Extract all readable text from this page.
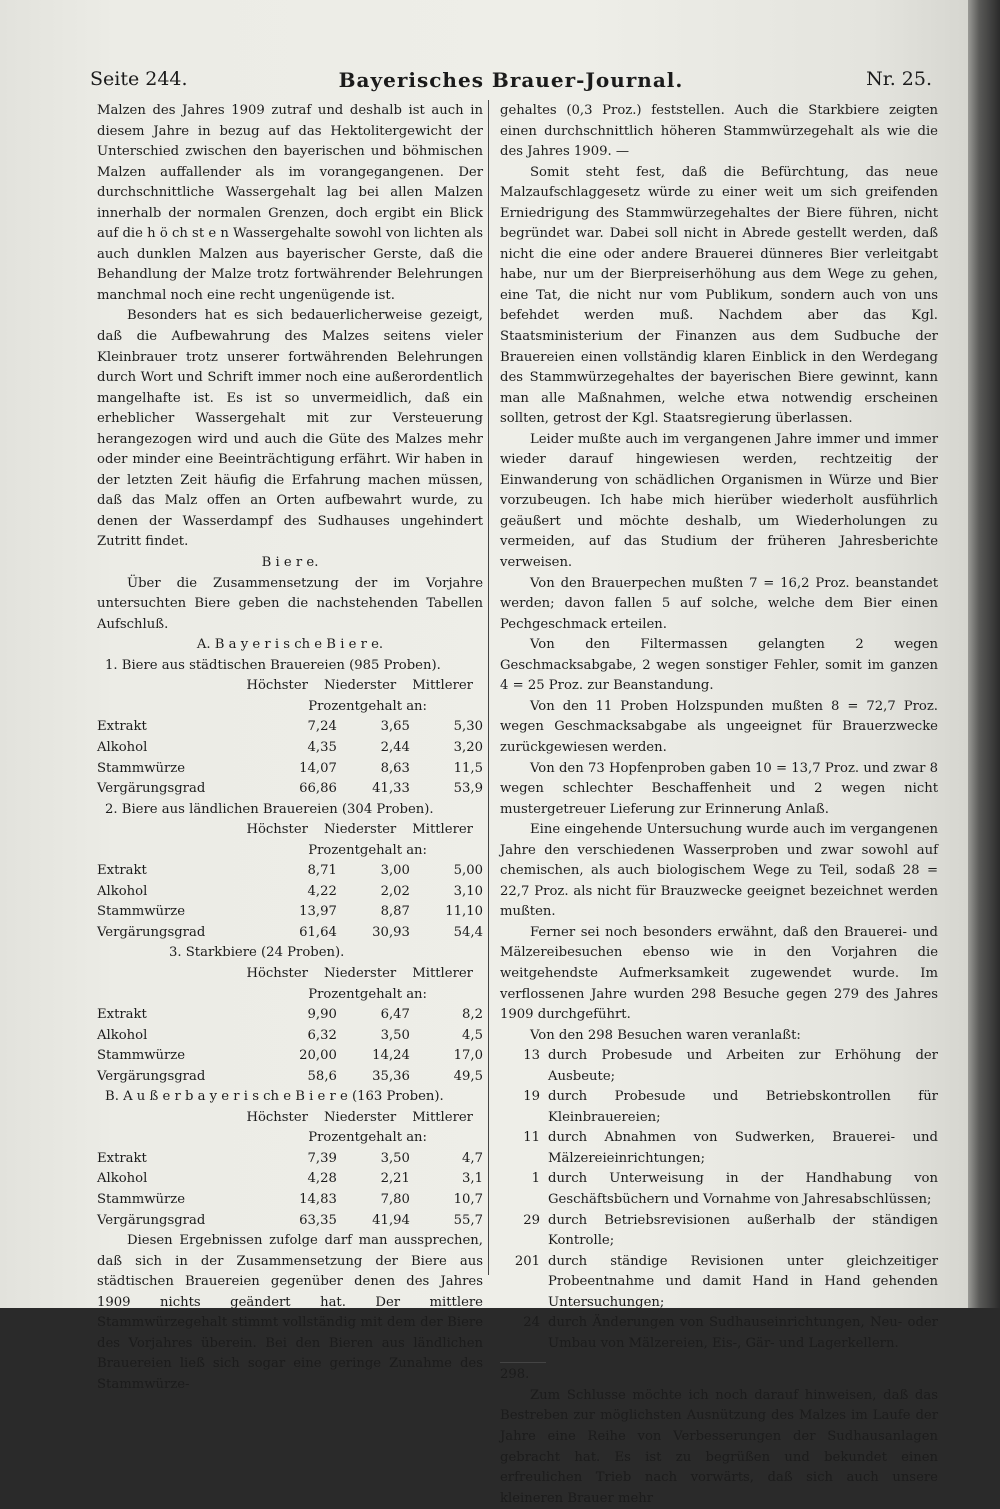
Seite 244.	Bayerisches Brauer-Journal.	Nr. 25.

Malzen des Jahres 1909 zutraf und deshalb ist auch in diesem Jahre in bezug auf das Hektolitergewicht der Unterschied zwischen den bayerischen und böhmischen Malzen auffallender als im vorangegangenen. Der durchschnittliche Wassergehalt lag bei allen Malzen innerhalb der normalen Grenzen, doch ergibt ein Blick auf die h ö ch st e n Wassergehalte sowohl von lichten als auch dunklen Malzen aus bayerischer Gerste, daß die Behandlung der Malze trotz fortwährender Belehrungen manchmal noch eine recht ungenügende ist.

Besonders hat es sich bedauerlicherweise gezeigt, daß die Aufbewahrung des Malzes seitens vieler Kleinbrauer trotz unserer fortwährenden Belehrungen durch Wort und Schrift immer noch eine außerordentlich mangelhafte ist. Es ist so unvermeidlich, daß ein erheblicher Wassergehalt mit zur Versteuerung herangezogen wird und auch die Güte des Malzes mehr oder minder eine Beeinträchtigung erfährt. Wir haben in der letzten Zeit häufig die Erfahrung machen müssen, daß das Malz offen an Orten aufbewahrt wurde, zu denen der Wasserdampf des Sudhauses ungehindert Zutritt findet.

B i e r e.

Über die Zusammensetzung der im Vorjahre untersuchten Biere geben die nachstehenden Tabellen Aufschluß.

A. B a y e r i s ch e B i e r e.

1. Biere aus städtischen Brauereien (985 Proben).

Höchster Niederster Mittlerer
Prozentgehalt an:
Extrakt	7,24	3,65	5,30
Alkohol	4,35	2,44	3,20
Stammwürze	14,07	8,63	11,5
Vergärungsgrad	66,86	41,33	53,9

2. Biere aus ländlichen Brauereien (304 Proben).

Höchster Niederster Mittlerer
Prozentgehalt an:
Extrakt	8,71	3,00	5,00
Alkohol	4,22	2,02	3,10
Stammwürze	13,97	8,87	11,10
Vergärungsgrad	61,64	30,93	54,4

3. Starkbiere (24 Proben).

Höchster Niederster Mittlerer
Prozentgehalt an:
Extrakt	9,90	6,47	8,2
Alkohol	6,32	3,50	4,5
Stammwürze	20,00	14,24	17,0
Vergärungsgrad	58,6	35,36	49,5

B. A u ß e r b a y e r i s ch e B i e r e (163 Proben).

Höchster Niederster Mittlerer
Prozentgehalt an:
Extrakt	7,39	3,50	4,7
Alkohol	4,28	2,21	3,1
Stammwürze	14,83	7,80	10,7
Vergärungsgrad	63,35	41,94	55,7

Diesen Ergebnissen zufolge darf man aussprechen, daß sich in der Zusammensetzung der Biere aus städtischen Brauereien gegenüber denen des Jahres 1909 nichts geändert hat. Der mittlere Stammwürzegehalt stimmt vollständig mit dem der Biere des Vorjahres überein. Bei den Bieren aus ländlichen Brauereien ließ sich sogar eine geringe Zunahme des Stammwürze-

gehaltes (0,3 Proz.) feststellen. Auch die Starkbiere zeigten einen durchschnittlich höheren Stammwürzegehalt als wie die des Jahres 1909. —

Somit steht fest, daß die Befürchtung, das neue Malzaufschlaggesetz würde zu einer weit um sich greifenden Erniedrigung des Stammwürzegehaltes der Biere führen, nicht begründet war. Dabei soll nicht in Abrede gestellt werden, daß nicht die eine oder andere Brauerei dünneres Bier verleitgabt habe, nur um der Bierpreiserhöhung aus dem Wege zu gehen, eine Tat, die nicht nur vom Publikum, sondern auch von uns befehdet werden muß. Nachdem aber das Kgl. Staatsministerium der Finanzen aus dem Sudbuche der Brauereien einen vollständig klaren Einblick in den Werdegang des Stammwürzegehaltes der bayerischen Biere gewinnt, kann man alle Maßnahmen, welche etwa notwendig erscheinen sollten, getrost der Kgl. Staatsregierung überlassen.

Leider mußte auch im vergangenen Jahre immer und immer wieder darauf hingewiesen werden, rechtzeitig der Einwanderung von schädlichen Organismen in Würze und Bier vorzubeugen. Ich habe mich hierüber wiederholt ausführlich geäußert und möchte deshalb, um Wiederholungen zu vermeiden, auf das Studium der früheren Jahresberichte verweisen.

Von den Brauerpechen mußten 7 = 16,2 Proz. beanstandet werden; davon fallen 5 auf solche, welche dem Bier einen Pechgeschmack erteilen.

Von den Filtermassen gelangten 2 wegen Geschmacksabgabe, 2 wegen sonstiger Fehler, somit im ganzen 4 = 25 Proz. zur Beanstandung.

Von den 11 Proben Holzspunden mußten 8 = 72,7 Proz. wegen Geschmacksabgabe als ungeeignet für Brauerzwecke zurückgewiesen werden.

Von den 73 Hopfenproben gaben 10 = 13,7 Proz. und zwar 8 wegen schlechter Beschaffenheit und 2 wegen nicht mustergetreuer Lieferung zur Erinnerung Anlaß.

Eine eingehende Untersuchung wurde auch im vergangenen Jahre den verschiedenen Wasserproben und zwar sowohl auf chemischen, als auch biologischem Wege zu Teil, sodaß 28 = 22,7 Proz. als nicht für Brauzwecke geeignet bezeichnet werden mußten.

Ferner sei noch besonders erwähnt, daß den Brauerei- und Mälzereibesuchen ebenso wie in den Vorjahren die weitgehendste Aufmerksamkeit zugewendet wurde. Im verflossenen Jahre wurden 298 Besuche gegen 279 des Jahres 1909 durchgeführt.

Von den 298 Besuchen waren veranlaßt:

13 durch Probesude und Arbeiten zur Erhöhung der Ausbeute;
19 durch Probesude und Betriebskontrollen für Kleinbrauereien;
11 durch Abnahmen von Sudwerken, Brauerei- und Mälzereieinrichtungen;
1 durch Unterweisung in der Handhabung von Geschäftsbüchern und Vornahme von Jahresabschlüssen;
29 durch Betriebsrevisionen außerhalb der ständigen Kontrolle;
201 durch ständige Revisionen unter gleichzeitiger Probeentnahme und damit Hand in Hand gehenden Untersuchungen;
24 durch Änderungen von Sudhauseinrichtungen, Neu- oder Umbau von Mälzereien, Eis-, Gär- und Lagerkellern.

298.

Zum Schlusse möchte ich noch darauf hinweisen, daß das Bestreben zur möglichsten Ausnützung des Malzes im Laufe der Jahre eine Reihe von Verbesserungen der Sudhausanlagen gebracht hat. Es ist zu begrüßen und bekundet einen erfreulichen Trieb nach vorwärts, daß sich auch unsere kleineren Brauer mehr
